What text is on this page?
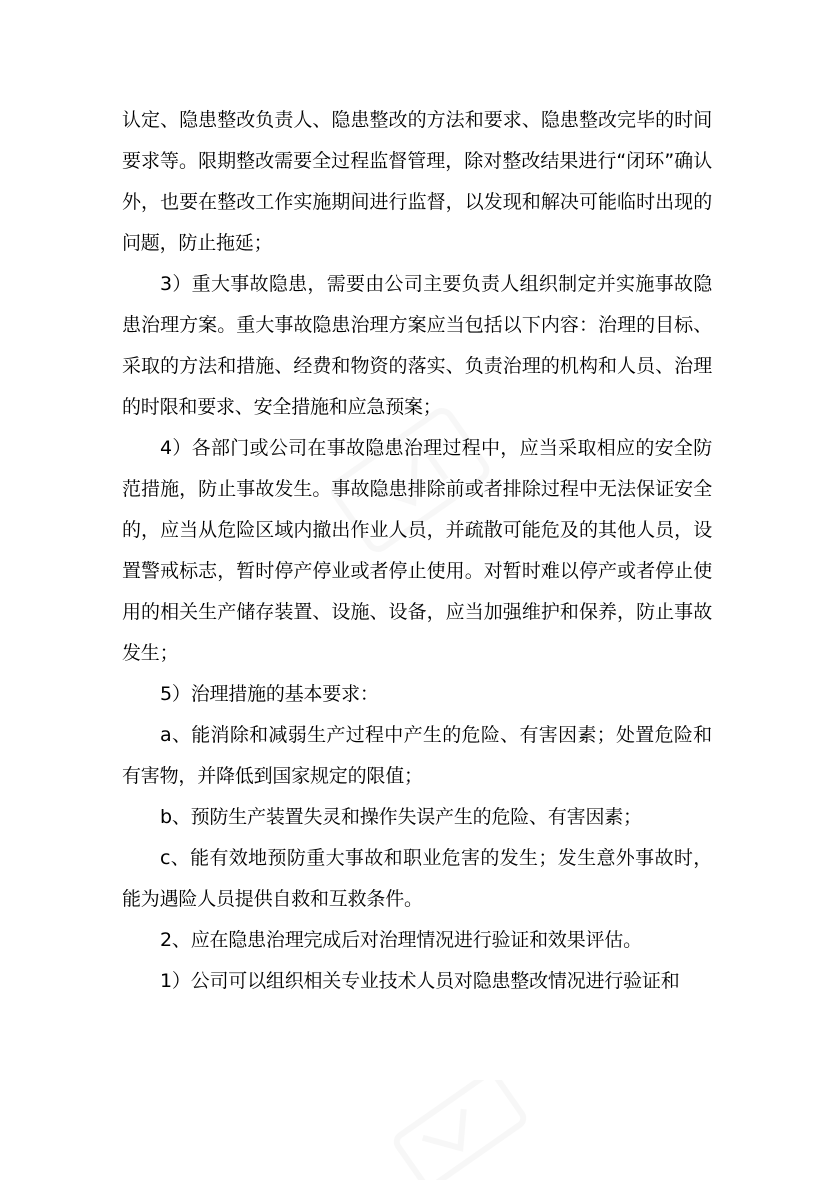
认定、隐患整改负责人、隐患整改的方法和要求、隐患整改完毕的时间要求等。限期整改需要全过程监督管理，除对整改结果进行“闭环”确认外，也要在整改工作实施期间进行监督，以发现和解决可能临时出现的问题，防止拖延；

3）重大事故隐患，需要由公司主要负责人组织制定并实施事故隐患治理方案。重大事故隐患治理方案应当包括以下内容：治理的目标、采取的方法和措施、经费和物资的落实、负责治理的机构和人员、治理的时限和要求、安全措施和应急预案；

4）各部门或公司在事故隐患治理过程中，应当采取相应的安全防范措施，防止事故发生。事故隐患排除前或者排除过程中无法保证安全的，应当从危险区域内撤出作业人员，并疏散可能危及的其他人员，设置警戒标志，暂时停产停业或者停止使用。对暂时难以停产或者停止使用的相关生产储存装置、设施、设备，应当加强维护和保养，防止事故发生；

5）治理措施的基本要求：

a、能消除和减弱生产过程中产生的危险、有害因素；处置危险和有害物，并降低到国家规定的限值；

b、预防生产装置失灵和操作失误产生的危险、有害因素；

c、能有效地预防重大事故和职业危害的发生；发生意外事故时，能为遇险人员提供自救和互救条件。

2、应在隐患治理完成后对治理情况进行验证和效果评估。

1）公司可以组织相关专业技术人员对隐患整改情况进行验证和
